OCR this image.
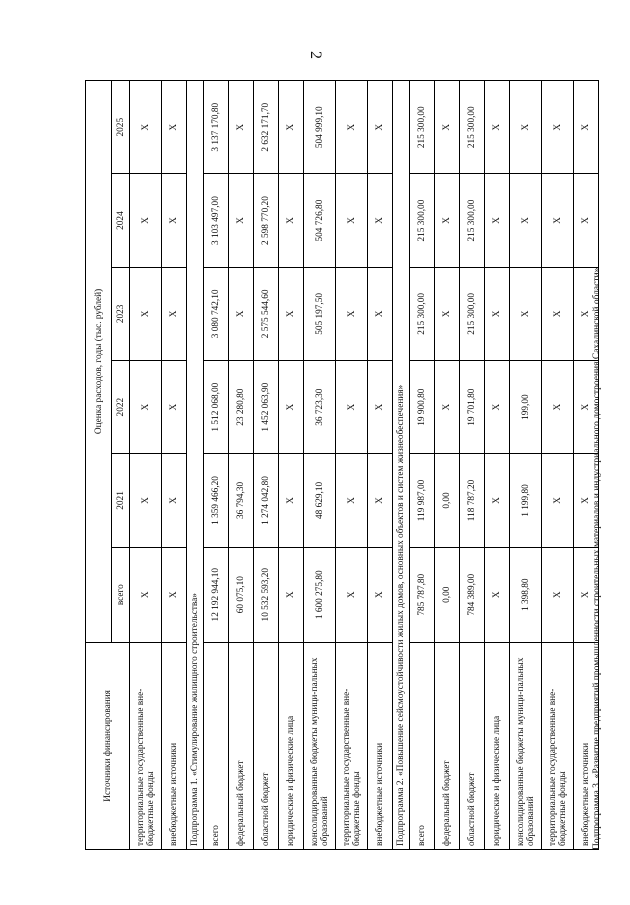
2
Источники финансирования	Оценка расходов, годы (тыс. рублей)					
	всего	2021	2022	2023	2024	2025
территориальные государственные вне-бюджетные фонды	X	X	X	X	X	X
внебюджетные источники	X	X	X	X	X	X
Подпрограмма 1. «Стимулирование жилищного строительства»						
всего	12 192 944,10	1 359 466,20	1 512 068,00	3 080 742,10	3 103 497,00	3 137 170,80
федеральный бюджет	60 075,10	36 794,30	23 280,80	X	X	X
областной бюджет	10 532 593,20	1 274 042,80	1 452 063,90	2 575 544,60	2 598 770,20	2 632 171,70
юридические и физические лица	X	X	X	X	X	X
консолидированные бюджеты муници-пальных образований	1 600 275,80	48 629,10	36 723,30	505 197,50	504 726,80	504 999,10
территориальные государственные вне-бюджетные фонды	X	X	X	X	X	X
внебюджетные источники	X	X	X	X	X	X
Подпрограмма 2. «Повышение сейсмоустойчивости жилых домов, основных объектов и систем жизнеобеспечения»						
всего	785 787,80	119 987,00	19 900,80	215 300,00	215 300,00	215 300,00
федеральный бюджет	0,00	0,00	X	X	X	X
областной бюджет	784 389,00	118 787,20	19 701,80	215 300,00	215 300,00	215 300,00
юридические и физические лица	X	X	X	X	X	X
консолидированные бюджеты муници-пальных образований	1 398,80	1 199,80	199,00	X	X	X
территориальные государственные вне-бюджетные фонды	X	X	X	X	X	X
внебюджетные источники	X	X	X	X	X	X
Подпрограмма 3. «Развитие предприятий промышленности строительных материалов и индустриального домостроения Сахалинской области»
